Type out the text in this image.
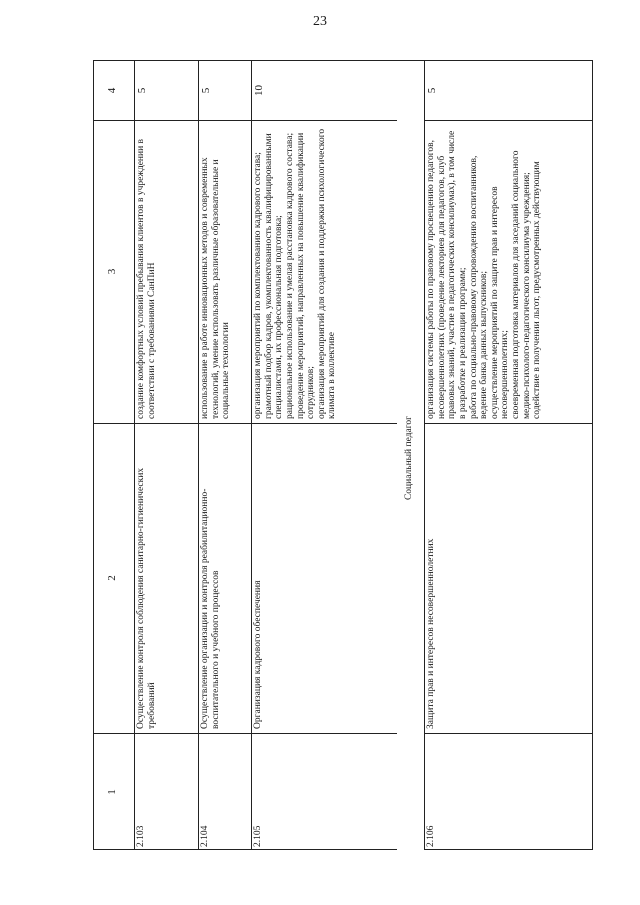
23
1
2
3
4
2.103
Осуществление контроля соблюдения санитарно-гигиенических требований
создание комфортных условий пребывания клиентов в учреждении в соответствии с требованиями СанПиН
5
2.104
Осуществление организации и контроля реабилитационно-воспитательного и учебного процессов
использование в работе инновационных методов и современных технологий, умение использовать различные образовательные и социальные технологии
5
2.105
Организация кадрового обеспечения
организация мероприятий по комплектованию кадрового состава; грамотный подбор кадров, укомплектованность квалифицированными специалистами, их профессиональная подготовка; рациональное использование и умелая расстановка кадрового состава; проведение мероприятий, направленных на повышение квалификации сотрудников; организация мероприятий для создания и поддержки психологического климата в коллективе
10
Социальный педагог
2.106
Защита прав и интересов несовершеннолетних
организация системы работы по правовому просвещению педагогов, несовершеннолетних (проведение лекториев для педагогов, клуб правовых знаний, участие в педагогических консилиумах), в том числе в разработке и реализации программ; работа по социально-правовому сопровождению воспитанников, ведение банка данных выпускников; осуществление мероприятий по защите прав и интересов несовершеннолетних; своевременная подготовка материалов для заседаний социального медико-психолого-педагогического консилиума учреждения; содействие в получении льгот, предусмотренных действующим
5
